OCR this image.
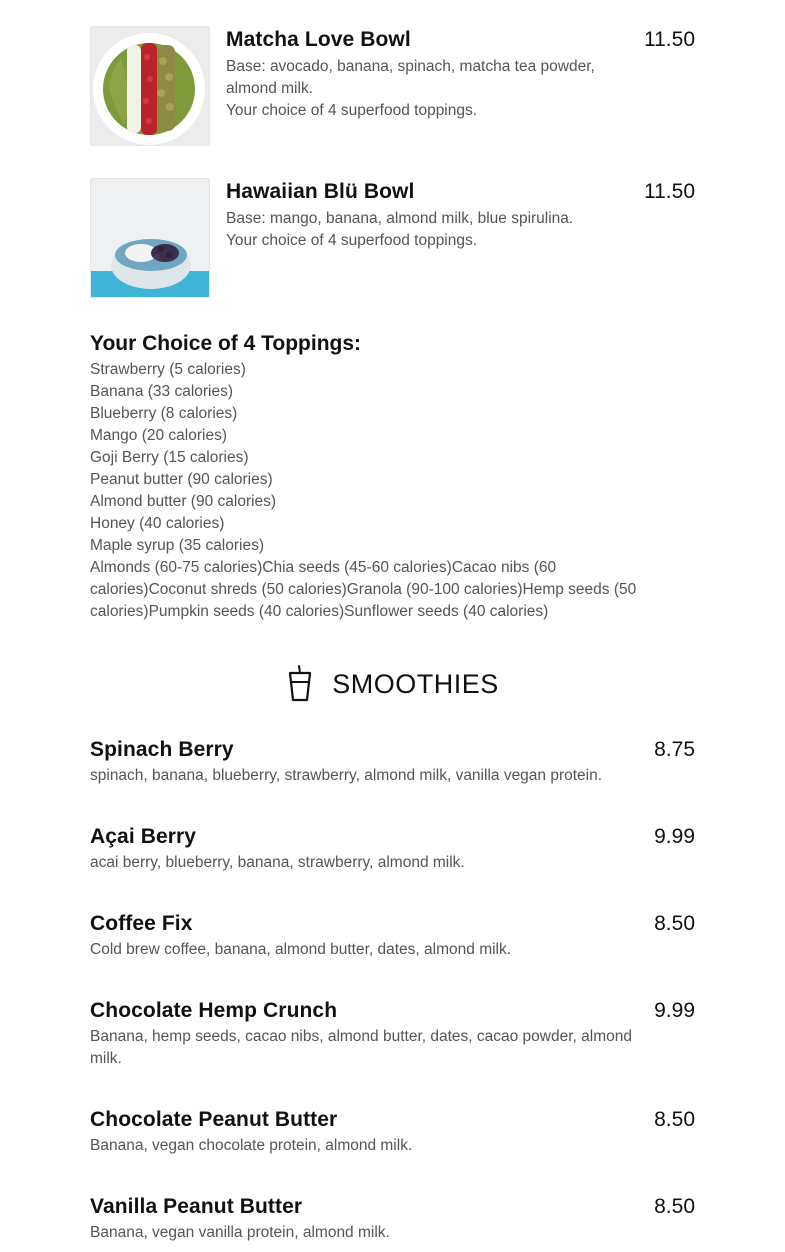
Matcha Love Bowl
Base: avocado, banana, spinach, matcha tea powder, almond milk.
Your choice of 4 superfood toppings.
11.50
Hawaiian Blü Bowl
Base: mango, banana, almond milk, blue spirulina.
Your choice of 4 superfood toppings.
11.50
Your Choice of 4 Toppings:
Strawberry (5 calories)
Banana (33 calories)
Blueberry (8 calories)
Mango (20 calories)
Goji Berry (15 calories)
Peanut butter (90 calories)
Almond butter (90 calories)
Honey (40 calories)
Maple syrup (35 calories)
Almonds (60-75 calories)Chia seeds (45-60 calories)Cacao nibs (60 calories)Coconut shreds (50 calories)Granola (90-100 calories)Hemp seeds (50 calories)Pumpkin seeds (40 calories)Sunflower seeds (40 calories)
SMOOTHIES
Spinach Berry
spinach, banana, blueberry, strawberry, almond milk, vanilla vegan protein.
8.75
Açai Berry
acai berry, blueberry, banana, strawberry, almond milk.
9.99
Coffee Fix
Cold brew coffee, banana, almond butter, dates, almond milk.
8.50
Chocolate Hemp Crunch
Banana, hemp seeds, cacao nibs, almond butter, dates, cacao powder, almond milk.
9.99
Chocolate Peanut Butter
Banana, vegan chocolate protein, almond milk.
8.50
Vanilla Peanut Butter
Banana, vegan vanilla protein, almond milk.
8.50
